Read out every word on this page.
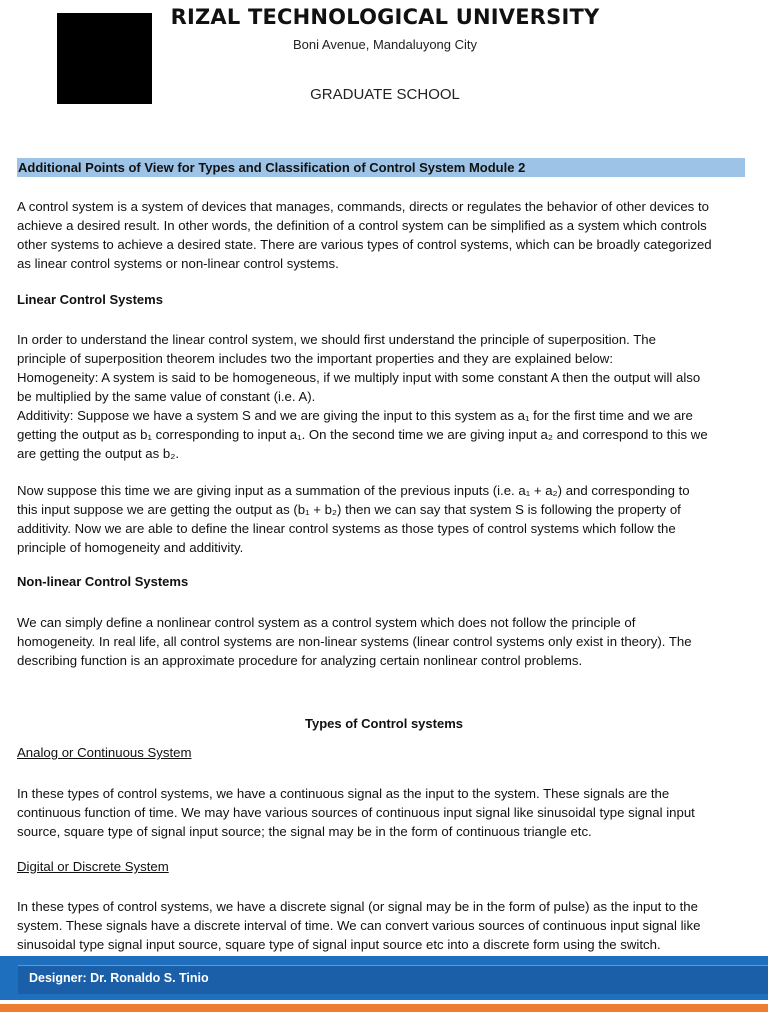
RIZAL TECHNOLOGICAL UNIVERSITY
Boni Avenue, Mandaluyong City
GRADUATE SCHOOL
Additional Points of View for Types and Classification of Control System Module 2
A control system is a system of devices that manages, commands, directs or regulates the behavior of other devices to
achieve a desired result. In other words, the definition of a control system can be simplified as a system which controls
other systems to achieve a desired state. There are various types of control systems, which can be broadly categorized
as linear control systems or non-linear control systems.
Linear Control Systems
In order to understand the linear control system, we should first understand the principle of superposition. The
principle of superposition theorem includes two the important properties and they are explained below:
Homogeneity: A system is said to be homogeneous, if we multiply input with some constant A then the output will also
be multiplied by the same value of constant (i.e. A).
Additivity: Suppose we have a system S and we are giving the input to this system as a₁ for the first time and we are
getting the output as b₁ corresponding to input a₁. On the second time we are giving input a₂ and correspond to this we
are getting the output as b₂.
Now suppose this time we are giving input as a summation of the previous inputs (i.e. a₁ + a₂) and corresponding to
this input suppose we are getting the output as (b₁ + b₂) then we can say that system S is following the property of
additivity. Now we are able to define the linear control systems as those types of control systems which follow the
principle of homogeneity and additivity.
Non-linear Control Systems
We can simply define a nonlinear control system as a control system which does not follow the principle of
homogeneity. In real life, all control systems are non-linear systems (linear control systems only exist in theory). The
describing function is an approximate procedure for analyzing certain nonlinear control problems.
Types of Control systems
Analog or Continuous System
In these types of control systems, we have a continuous signal as the input to the system. These signals are the
continuous function of time. We may have various sources of continuous input signal like sinusoidal type signal input
source, square type of signal input source; the signal may be in the form of continuous triangle etc.
Digital or Discrete System
In these types of control systems, we have a discrete signal (or signal may be in the form of pulse) as the input to the
system. These signals have a discrete interval of time. We can convert various sources of continuous input signal like
sinusoidal type signal input source, square type of signal input source etc into a discrete form using the switch.
Designer: Dr. Ronaldo S. Tinio
